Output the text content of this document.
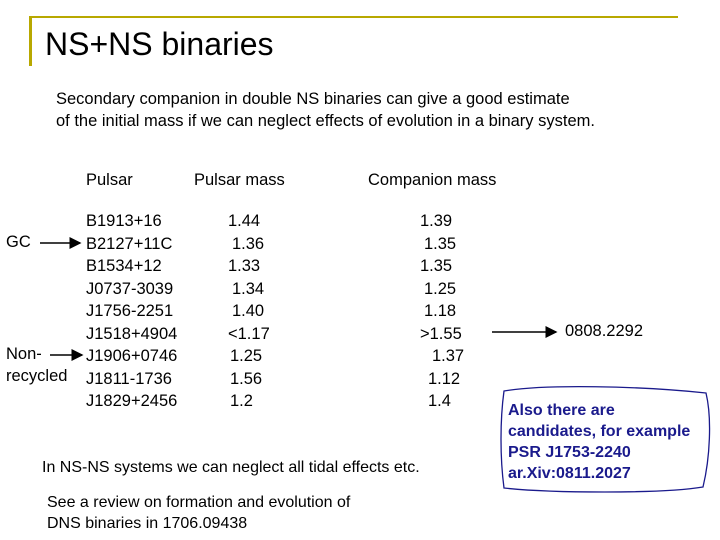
NS+NS binaries
Secondary companion in double NS binaries can give a good estimate
of the initial mass if we can neglect effects of evolution in a binary system.
Pulsar	Pulsar mass	Companion mass
B1913+16
B2127+11C
B1534+12
J0737-3039
J1756-2251
J1518+4904
J1906+0746
J1811-1736
J1829+2456
1.44
1.36
1.33
1.34
1.40
<1.17
1.25
1.56
1.2
1.39
1.35
1.35
1.25
1.18
>1.55
1.37
1.12
1.4
GC
Non-
recycled
0808.2292
In NS-NS systems we can neglect all tidal effects etc.
See a review on formation and evolution of
DNS binaries in 1706.09438
Also there are
candidates, for example
PSR J1753-2240
ar.Xiv:0811.2027
